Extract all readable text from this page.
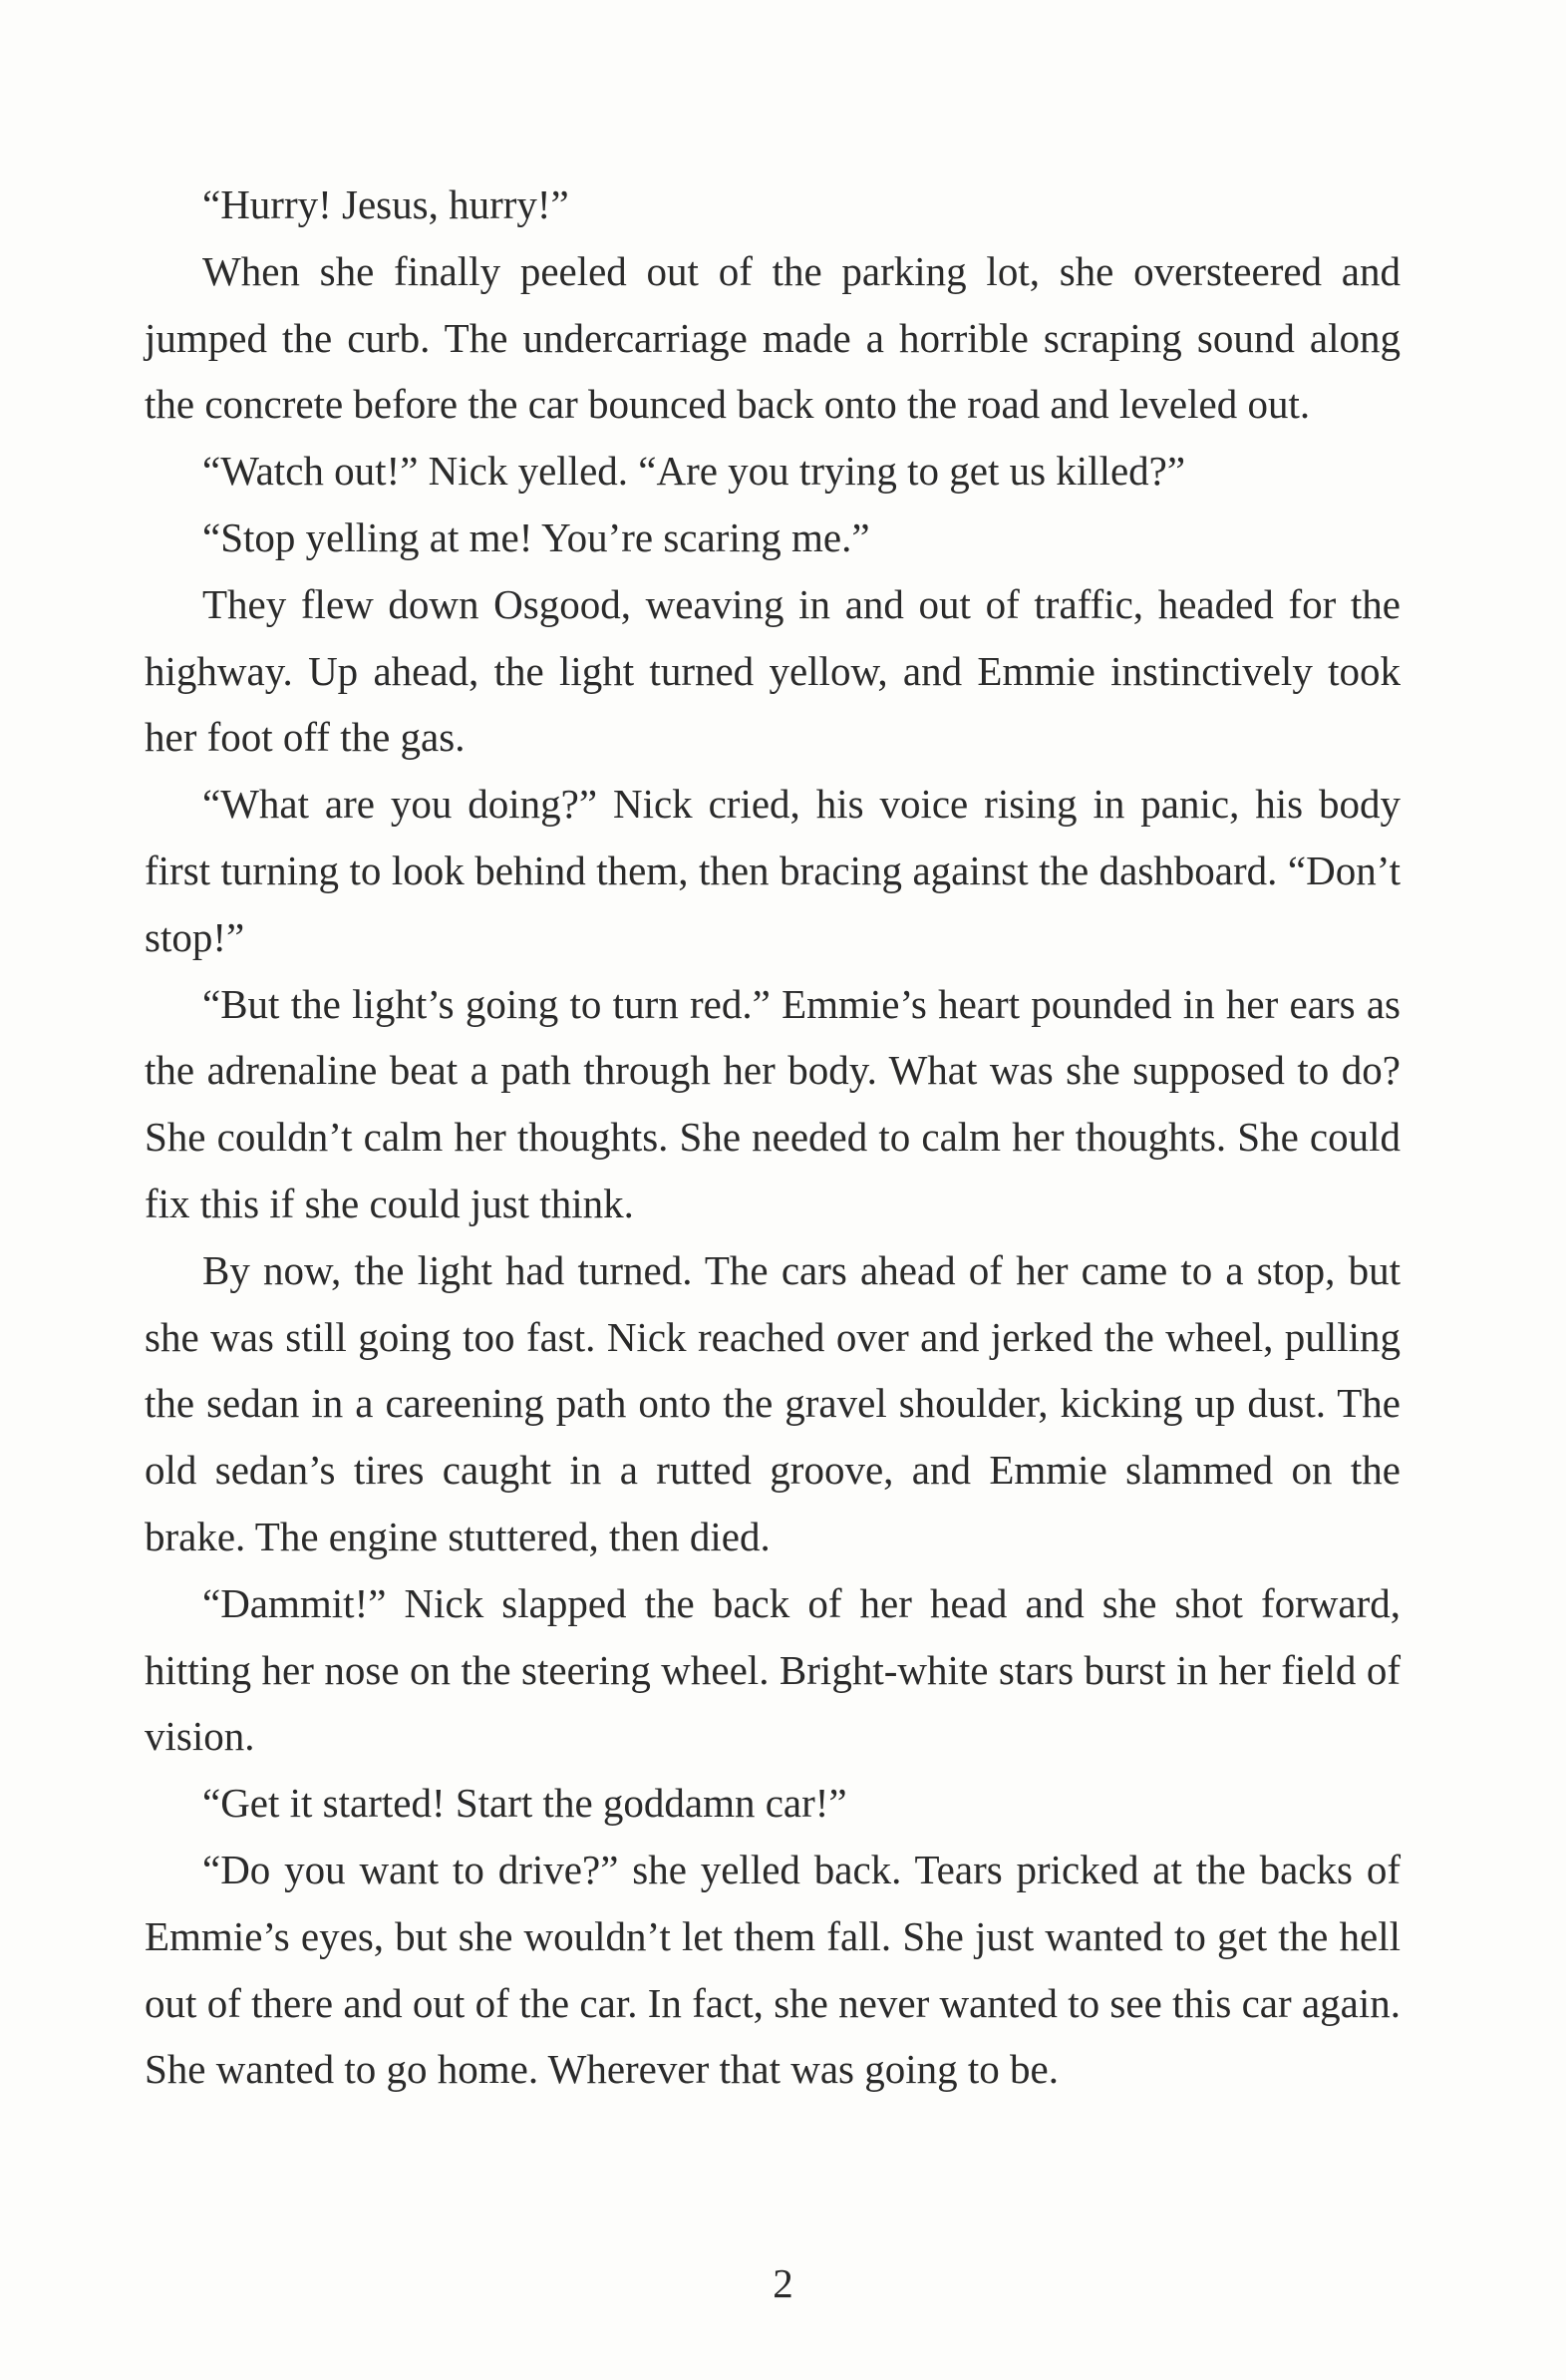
“Hurry! Jesus, hurry!”

When she finally peeled out of the parking lot, she oversteered and jumped the curb. The undercarriage made a horrible scraping sound along the concrete before the car bounced back onto the road and leveled out.

“Watch out!” Nick yelled. “Are you trying to get us killed?”

“Stop yelling at me! You’re scaring me.”

They flew down Osgood, weaving in and out of traffic, headed for the highway. Up ahead, the light turned yellow, and Emmie instinctively took her foot off the gas.

“What are you doing?” Nick cried, his voice rising in panic, his body first turning to look behind them, then bracing against the dashboard. “Don’t stop!”

“But the light’s going to turn red.” Emmie’s heart pounded in her ears as the adrenaline beat a path through her body. What was she supposed to do? She couldn’t calm her thoughts. She needed to calm her thoughts. She could fix this if she could just think.

By now, the light had turned. The cars ahead of her came to a stop, but she was still going too fast. Nick reached over and jerked the wheel, pulling the sedan in a careening path onto the gravel shoulder, kicking up dust. The old sedan’s tires caught in a rutted groove, and Emmie slammed on the brake. The engine stuttered, then died.

“Dammit!” Nick slapped the back of her head and she shot forward, hitting her nose on the steering wheel. Bright-white stars burst in her field of vision.

“Get it started! Start the goddamn car!”

“Do you want to drive?” she yelled back. Tears pricked at the backs of Emmie’s eyes, but she wouldn’t let them fall. She just wanted to get the hell out of there and out of the car. In fact, she never wanted to see this car again. She wanted to go home. Wherever that was going to be.

2
